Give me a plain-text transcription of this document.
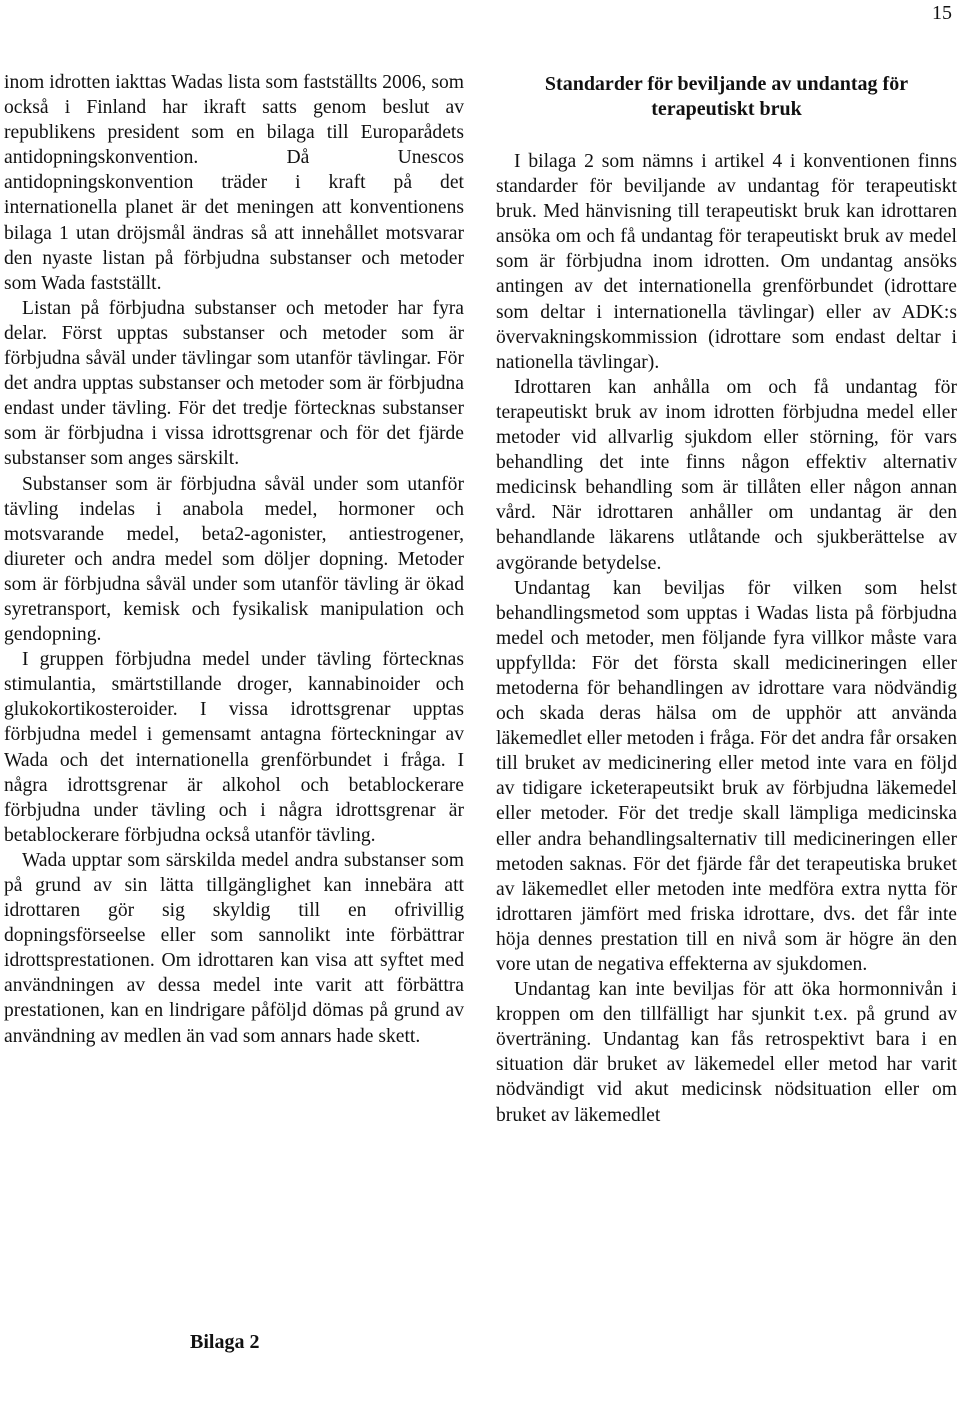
15

inom idrotten iakttas Wadas lista som fastställts 2006, som också i Finland har ikraft satts genom beslut av republikens president som en bilaga till Europarådets antidopningskonvention. Då Unescos antidopningskonvention träder i kraft på det internationella planet är det meningen att konventionens bilaga 1 utan dröjsmål ändras så att innehållet motsvarar den nyaste listan på förbjudna substanser och metoder som Wada fastställt.

Listan på förbjudna substanser och metoder har fyra delar. Först upptas substanser och metoder som är förbjudna såväl under tävlingar som utanför tävlingar. För det andra upptas substanser och metoder som är förbjudna endast under tävling. För det tredje förtecknas substanser som är förbjudna i vissa idrottsgrenar och för det fjärde substanser som anges särskilt.

Substanser som är förbjudna såväl under som utanför tävling indelas i anabola medel, hormoner och motsvarande medel, beta2-agonister, antiestrogener, diureter och andra medel som döljer dopning. Metoder som är förbjudna såväl under som utanför tävling är ökad syretransport, kemisk och fysikalisk manipulation och gendopning.

I gruppen förbjudna medel under tävling förtecknas stimulantia, smärtstillande droger, kannabinoider och glukokortikosteroider. I vissa idrottsgrenar upptas förbjudna medel i gemensamt antagna förteckningar av Wada och det internationella grenförbundet i fråga. I några idrottsgrenar är alkohol och betablockerare förbjudna under tävling och i några idrottsgrenar är betablockerare förbjudna också utanför tävling.

Wada upptar som särskilda medel andra substanser som på grund av sin lätta tillgänglighet kan innebära att idrottaren gör sig skyldig till en ofrivillig dopningsförseelse eller som sannolikt inte förbättrar idrottsprestationen. Om idrottaren kan visa att syftet med användningen av dessa medel inte varit att förbättra prestationen, kan en lindrigare påföljd dömas på grund av användning av medlen än vad som annars hade skett.

Bilaga 2
Standarder för beviljande av undantag för terapeutiskt bruk

I bilaga 2 som nämns i artikel 4 i konventionen finns standarder för beviljande av undantag för terapeutiskt bruk. Med hänvisning till terapeutiskt bruk kan idrottaren ansöka om och få undantag för terapeutiskt bruk av medel som är förbjudna inom idrotten. Om undantag ansöks antingen av det internationella grenförbundet (idrottare som deltar i internationella tävlingar) eller av ADK:s övervakningskommission (idrottare som endast deltar i nationella tävlingar).

Idrottaren kan anhålla om och få undantag för terapeutiskt bruk av inom idrotten förbjudna medel eller metoder vid allvarlig sjukdom eller störning, för vars behandling det inte finns någon effektiv alternativ medicinsk behandling som är tillåten eller någon annan vård. När idrottaren anhåller om undantag är den behandlande läkarens utlåtande och sjukberättelse av avgörande betydelse.

Undantag kan beviljas för vilken som helst behandlingsmetod som upptas i Wadas lista på förbjudna medel och metoder, men följande fyra villkor måste vara uppfyllda: För det första skall medicineringen eller metoderna för behandlingen av idrottare vara nödvändig och skada deras hälsa om de upphör att använda läkemedlet eller metoden i fråga. För det andra får orsaken till bruket av medicinering eller metod inte vara en följd av tidigare icketerapeutsikt bruk av förbjudna läkemedel eller metoder. För det tredje skall lämpliga medicinska eller andra behandlingsalternativ till medicineringen eller metoden saknas. För det fjärde får det terapeutiska bruket av läkemedlet eller metoden inte medföra extra nytta för idrottaren jämfört med friska idrottare, dvs. det får inte höja dennes prestation till en nivå som är högre än den vore utan de negativa effekterna av sjukdomen.

Undantag kan inte beviljas för att öka hormonnivån i kroppen om den tillfälligt har sjunkit t.ex. på grund av överträning. Undantag kan fås retrospektivt bara i en situation där bruket av läkemedel eller metod har varit nödvändigt vid akut medicinsk nödsituation eller om bruket av läkemedlet
